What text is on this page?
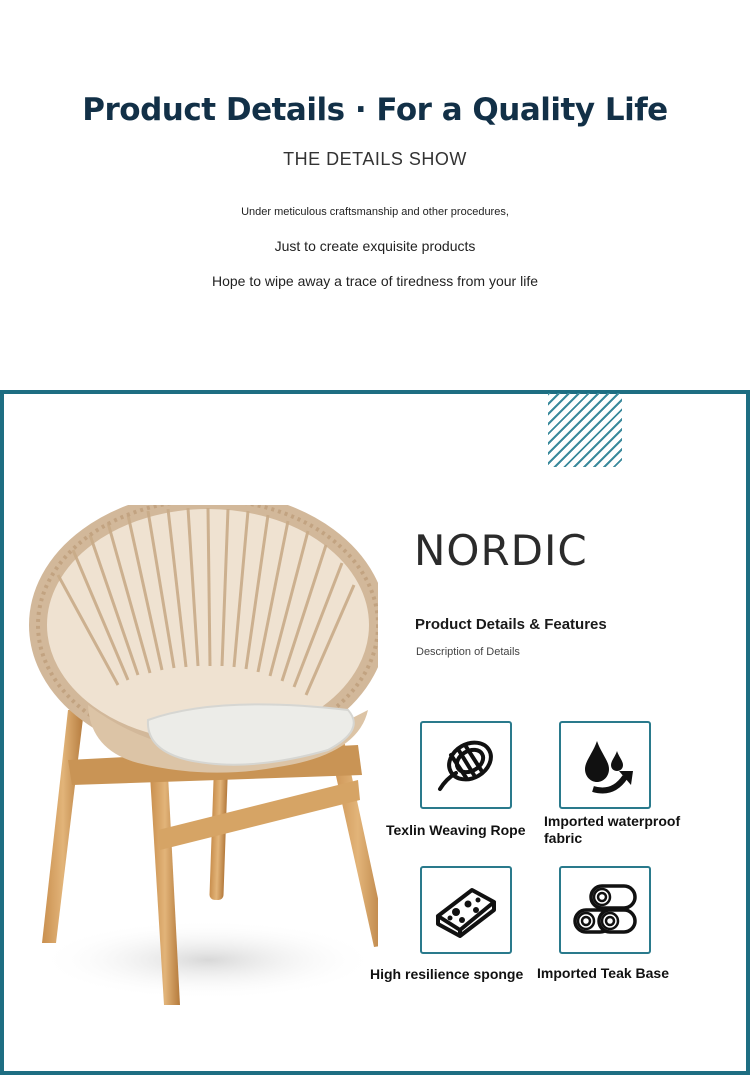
Product Details · For a Quality Life
THE DETAILS SHOW
Under meticulous craftsmanship and other procedures,
Just to create exquisite products
Hope to wipe away a trace of tiredness from your life
NORDIC
Product Details & Features
Description of Details
Texlin Weaving Rope
Imported waterproof fabric
High resilience sponge Imported Teak Base
